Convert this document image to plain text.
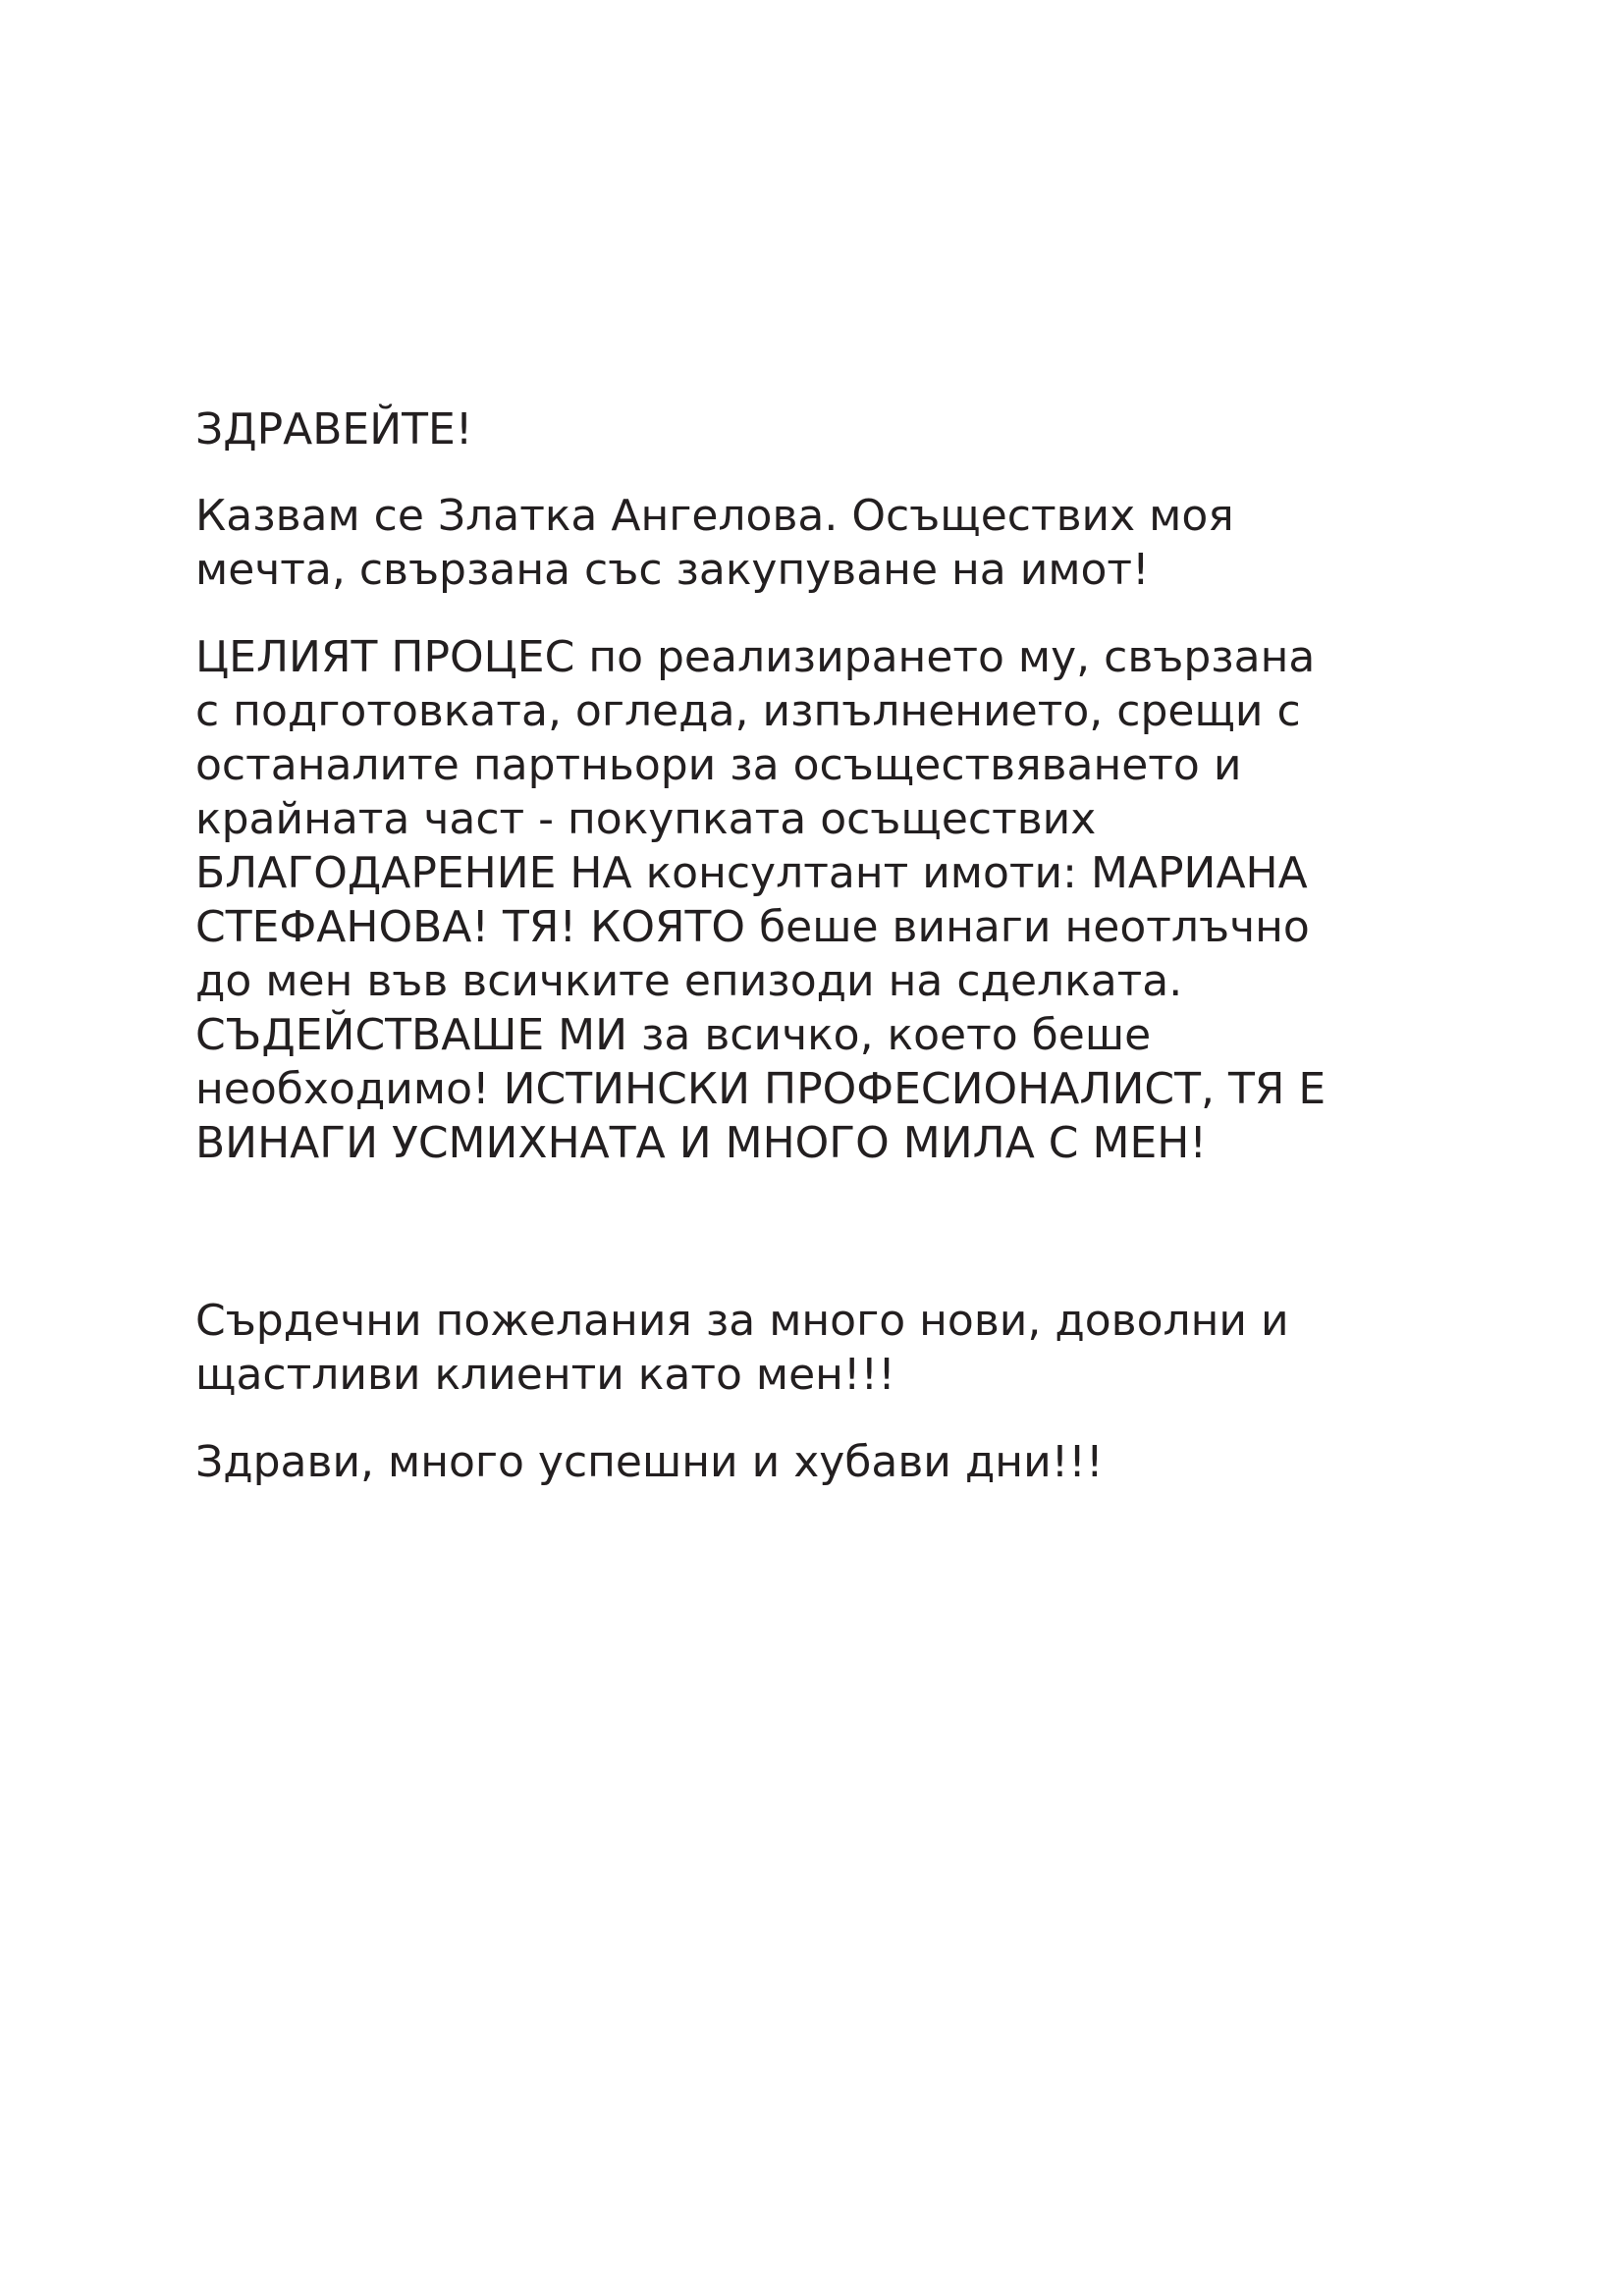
ЗДРАВЕЙТЕ!
Казвам се Златка Ангелова. Осъществих моя
мечта, свързана със закупуване на имот!
ЦЕЛИЯТ ПРОЦЕС по реализирането му, свързана
с подготовката, огледа, изпълнението, срещи с
останалите партньори за осъществяването и
крайната част - покупката осъществих
БЛАГОДАРЕНИЕ НА консултант имоти: МАРИАНА
СТЕФАНОВА! ТЯ! КОЯТО беше винаги неотлъчно
до мен във всичките епизоди на сделката.
СЪДЕЙСТВАШЕ МИ за всичко, което беше
необходимо! ИСТИНСКИ ПРОФЕСИОНАЛИСТ, ТЯ Е
ВИНАГИ УСМИХНАТА И МНОГО МИЛА С МЕН!
Сърдечни пожелания за много нови, доволни и
щастливи клиенти като мен!!!
Здрави, много успешни и хубави дни!!!
